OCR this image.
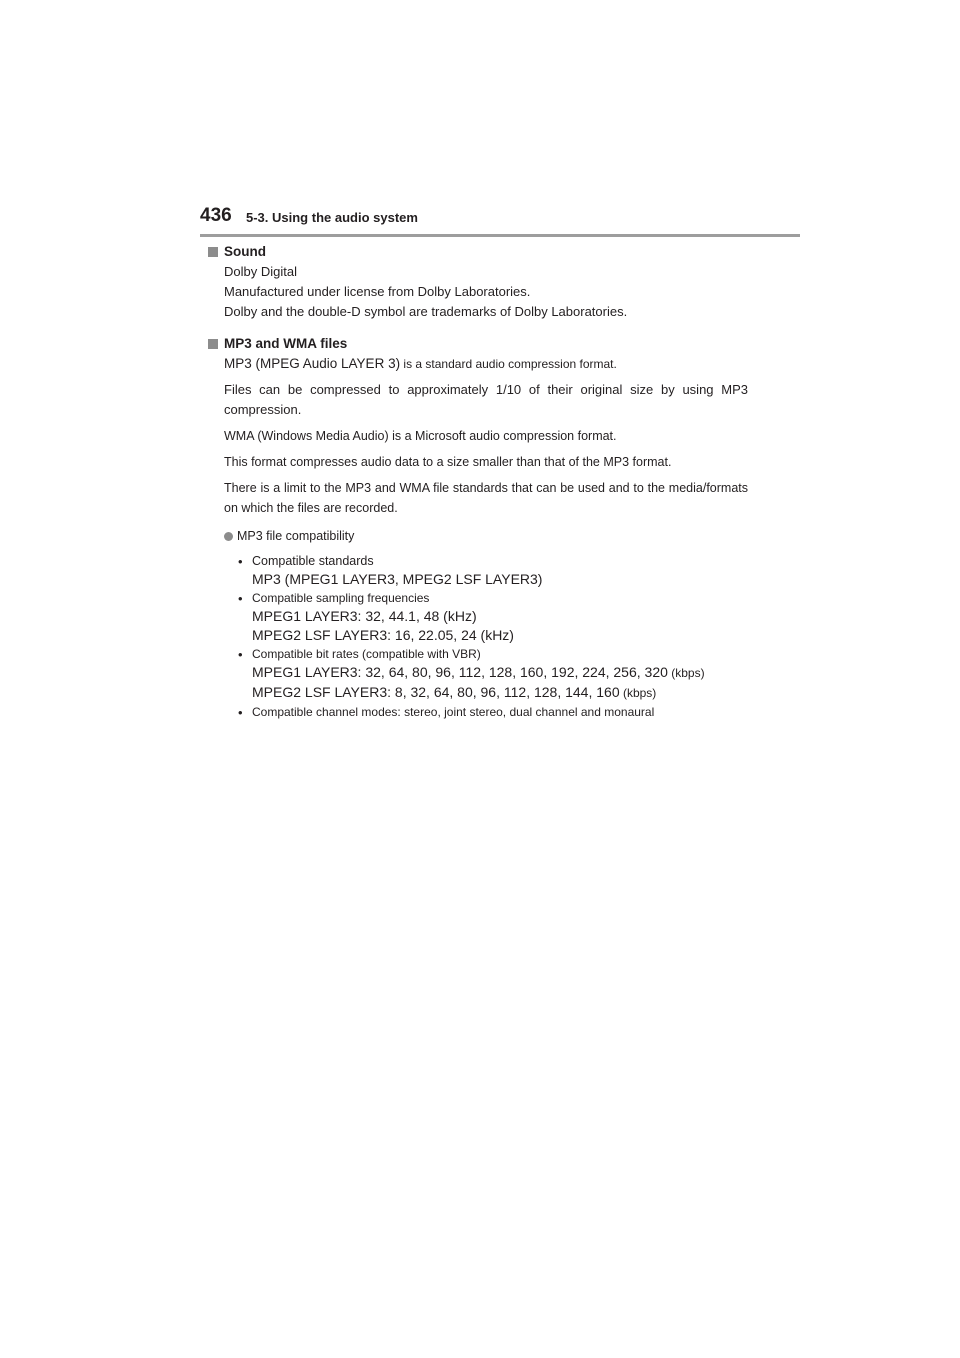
436 5-3. Using the audio system
Sound

Dolby Digital

Manufactured under license from Dolby Laboratories.

Dolby and the double-D symbol are trademarks of Dolby Laboratories.

MP3 and WMA files

MP3 (MPEG Audio LAYER 3) is a standard audio compression format.

Files can be compressed to approximately 1/10 of their original size by using MP3 compression.

WMA (Windows Media Audio) is a Microsoft audio compression format.

This format compresses audio data to a size smaller than that of the MP3 format.

There is a limit to the MP3 and WMA file standards that can be used and to the media/formats on which the files are recorded.

MP3 file compatibility
• Compatible standards
MP3 (MPEG1 LAYER3, MPEG2 LSF LAYER3)
• Compatible sampling frequencies
MPEG1 LAYER3: 32, 44.1, 48 (kHz)
MPEG2 LSF LAYER3: 16, 22.05, 24 (kHz)
• Compatible bit rates (compatible with VBR)
MPEG1 LAYER3: 32, 64, 80, 96, 112, 128, 160, 192, 224, 256, 320 (kbps)
MPEG2 LSF LAYER3: 8, 32, 64, 80, 96, 112, 128, 144, 160 (kbps)
• Compatible channel modes: stereo, joint stereo, dual channel and monaural
